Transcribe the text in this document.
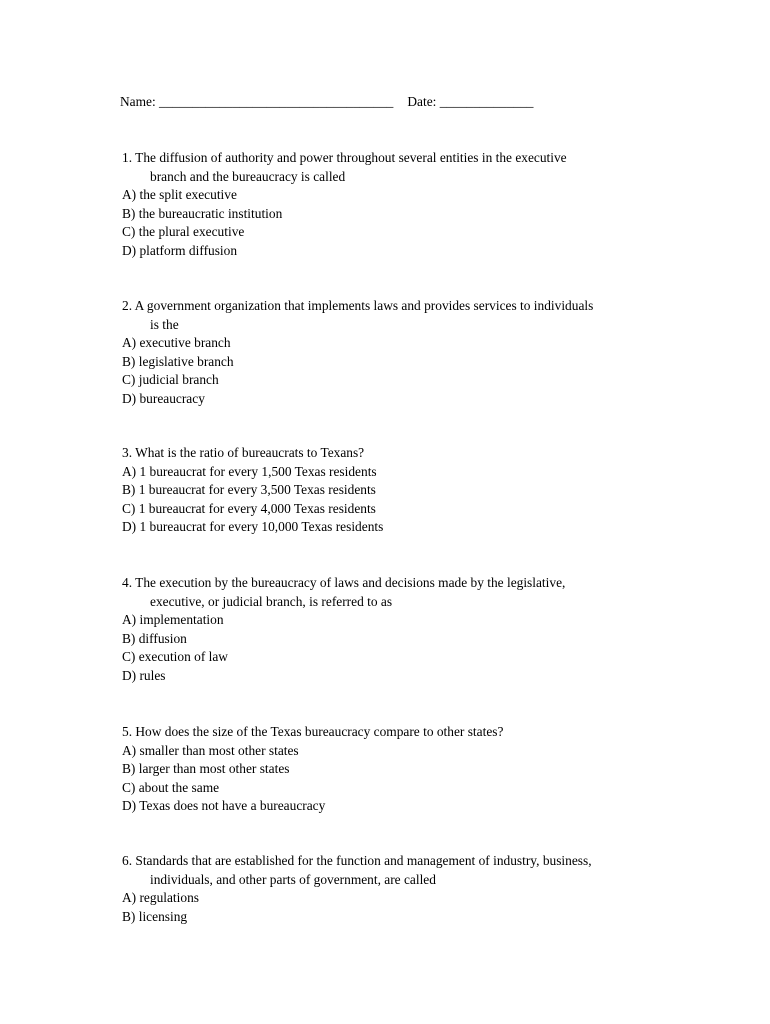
Name: ___________________________________ Date: ______________
1. The diffusion of authority and power throughout several entities in the executive
branch and the bureaucracy is called
A) the split executive
B) the bureaucratic institution
C) the plural executive
D) platform diffusion
2. A government organization that implements laws and provides services to individuals
is the
A) executive branch
B) legislative branch
C) judicial branch
D) bureaucracy
3. What is the ratio of bureaucrats to Texans?
A) 1 bureaucrat for every 1,500 Texas residents
B) 1 bureaucrat for every 3,500 Texas residents
C) 1 bureaucrat for every 4,000 Texas residents
D) 1 bureaucrat for every 10,000 Texas residents
4. The execution by the bureaucracy of laws and decisions made by the legislative,
executive, or judicial branch, is referred to as
A) implementation
B) diffusion
C) execution of law
D) rules
5. How does the size of the Texas bureaucracy compare to other states?
A) smaller than most other states
B) larger than most other states
C) about the same
D) Texas does not have a bureaucracy
6. Standards that are established for the function and management of industry, business,
individuals, and other parts of government, are called
A) regulations
B) licensing
